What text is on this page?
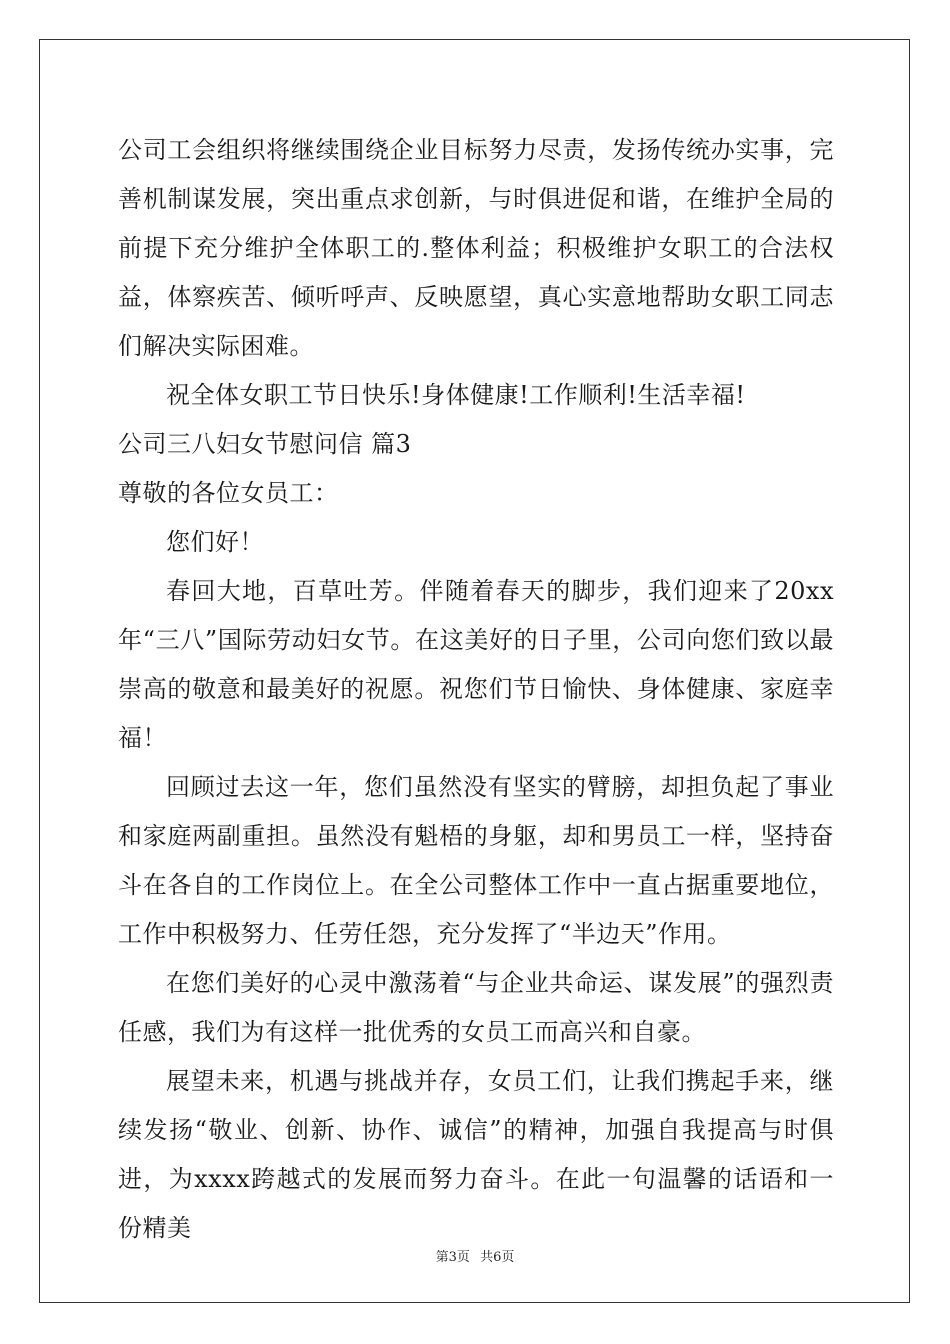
公司工会组织将继续围绕企业目标努力尽责，发扬传统办实事，完善机制谋发展，突出重点求创新，与时俱进促和谐，在维护全局的前提下充分维护全体职工的.整体利益；积极维护女职工的合法权益，体察疾苦、倾听呼声、反映愿望，真心实意地帮助女职工同志们解决实际困难。

祝全体女职工节日快乐!身体健康!工作顺利!生活幸福!

公司三八妇女节慰问信 篇3

尊敬的各位女员工：

您们好！

春回大地，百草吐芳。伴随着春天的脚步，我们迎来了20xx年“三八”国际劳动妇女节。在这美好的日子里，公司向您们致以最崇高的敬意和最美好的祝愿。祝您们节日愉快、身体健康、家庭幸福！

回顾过去这一年，您们虽然没有坚实的臂膀，却担负起了事业和家庭两副重担。虽然没有魁梧的身躯，却和男员工一样，坚持奋斗在各自的工作岗位上。在全公司整体工作中一直占据重要地位，工作中积极努力、任劳任怨，充分发挥了“半边天”作用。

在您们美好的心灵中激荡着“与企业共命运、谋发展”的强烈责任感，我们为有这样一批优秀的女员工而高兴和自豪。

展望未来，机遇与挑战并存，女员工们，让我们携起手来，继续发扬“敬业、创新、协作、诚信”的精神，加强自我提高与时俱进，为xxxx跨越式的发展而努力奋斗。在此一句温馨的话语和一份精美

第3页 共6页
